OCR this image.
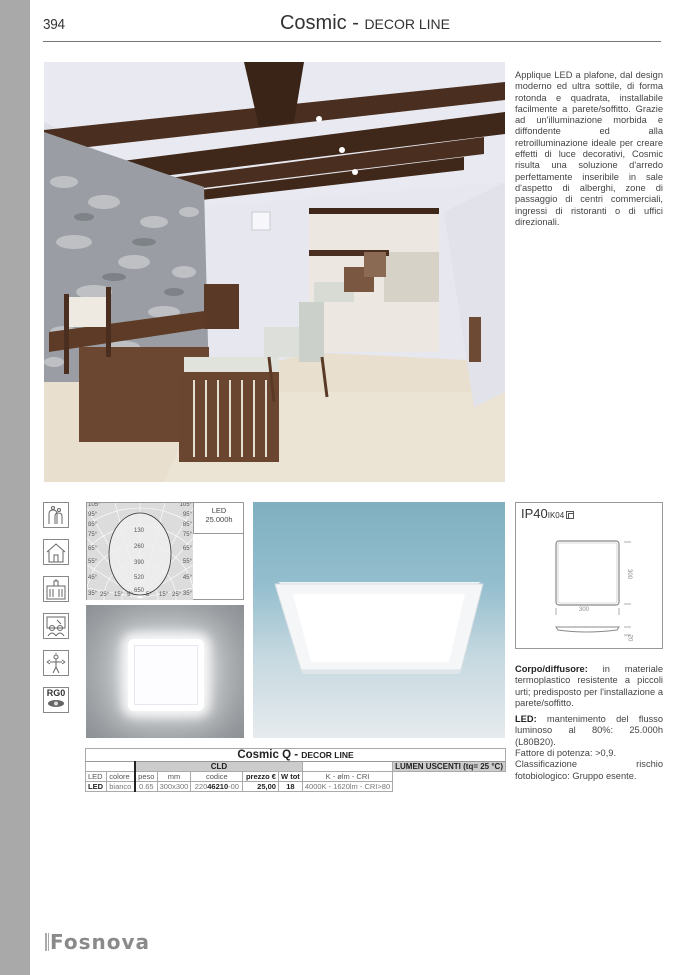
394	Cosmic - DECOR LINE
Applique LED a plafone, dal design moderno ed ultra sottile, di forma rotonda e quadrata, installabile facilmente a parete/soffitto. Grazie ad un'illuminazione morbida e diffondente ed alla retroilluminazione ideale per creare effetti di luce decorativi, Cosmic risulta una soluzione d'arredo perfettamente inseribile in sale d'aspetto di alberghi, zone di passaggio di centri commerciali, ingressi di ristoranti o di uffici direzionali.
RG0
105°
95°
85°
75°
65°
55°
45°
35°
105°
95°
85°
75°
65°
55°
45°
35°
25° 15° 5° 5° 15° 25°
130
260
390
520
650
LED
25.000h	IP40IK04
300
300
20

Corpo/diffusore: in materiale termoplastico resistente a piccoli urti; predisposto per l'installazione a parete/soffitto.

LED: mantenimento del flusso luminoso al 80%: 25.000h (L80B20).
Fattore di potenza: >0,9.
Classificazione rischio fotobiologico: Gruppo esente.

Cosmic Q - DECOR LINE								
		CLD						LUMEN USCENTI (tq= 25 °C)
LED	colore	peso	mm	codice	prezzo €	W tot	K - ølm - CRI	
LED	bianco	0.65	300x300	22046210-00	25,00	18	4000K - 1620lm - CRI>80	
Fosnova
